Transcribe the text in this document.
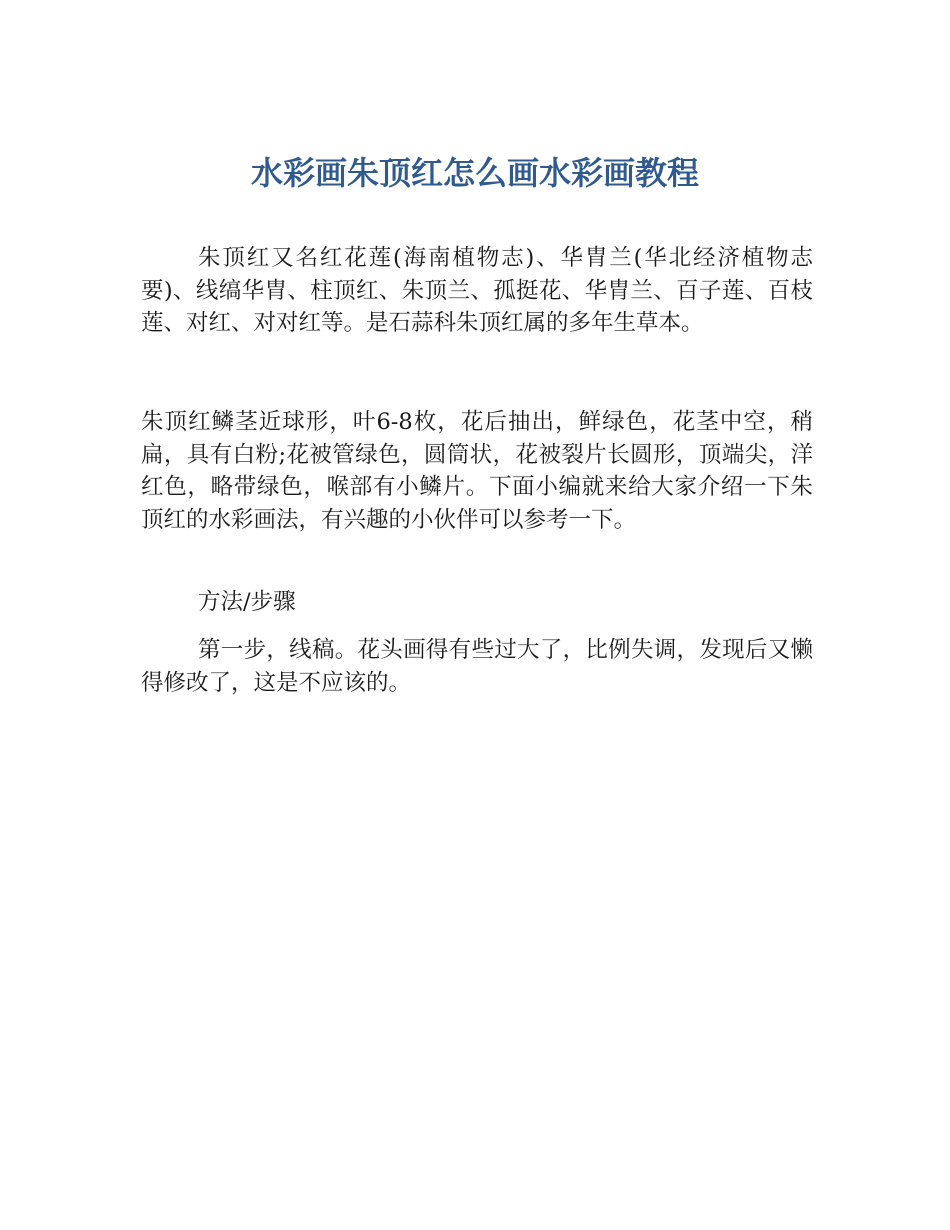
水彩画朱顶红怎么画水彩画教程

朱顶红又名红花莲(海南植物志)、华胄兰(华北经济植物志要)、线缟华胄、柱顶红、朱顶兰、孤挺花、华胄兰、百子莲、百枝莲、对红、对对红等。是石蒜科朱顶红属的多年生草本。

朱顶红鳞茎近球形，叶6-8枚，花后抽出，鲜绿色，花茎中空，稍扁，具有白粉;花被管绿色，圆筒状，花被裂片长圆形，顶端尖，洋红色，略带绿色，喉部有小鳞片。下面小编就来给大家介绍一下朱顶红的水彩画法，有兴趣的小伙伴可以参考一下。

方法/步骤

第一步，线稿。花头画得有些过大了，比例失调，发现后又懒得修改了，这是不应该的。
